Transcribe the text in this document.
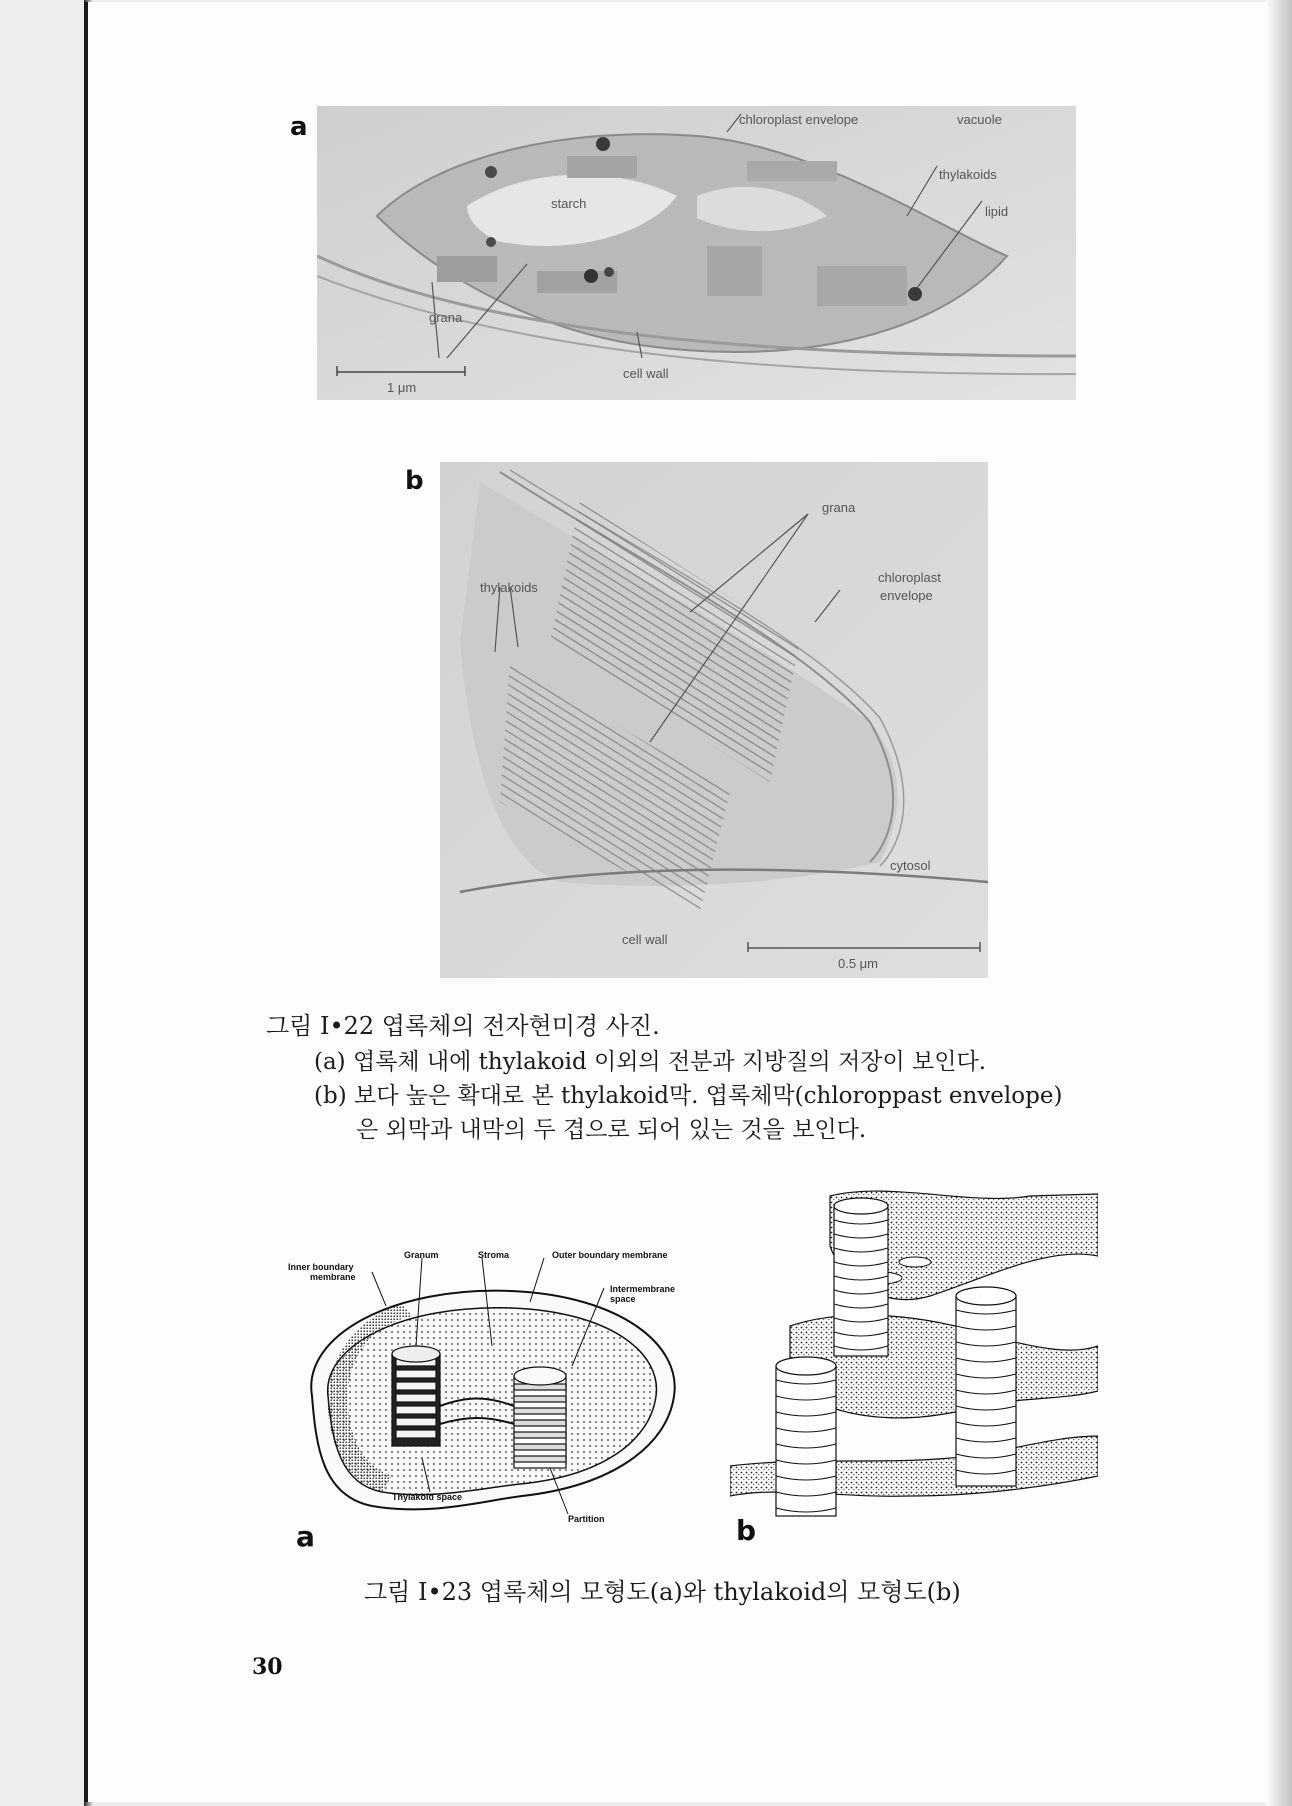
a	chloroplast envelope	vacuole
thylakoids
lipid
starch
grana
cell wall
1 μm
b
grana
thylakoids
chloroplast
envelope
cytosol
cell wall
0.5 μm
그림 Ⅰ•22 엽록체의 전자현미경 사진.
(a) 엽록체 내에 thylakoid 이외의 전분과 지방질의 저장이 보인다.
(b) 보다 높은 확대로 본 thylakoid막. 엽록체막(chloroppast envelope)
은 외막과 내막의 두 겹으로 되어 있는 것을 보인다.
Inner boundary
membrane
Granum	Stroma	Outer boundary membrane
Intermembrane
space
Thylakoid space
Partition
a	b
그림 Ⅰ•23 엽록체의 모형도(a)와 thylakoid의 모형도(b)
30
